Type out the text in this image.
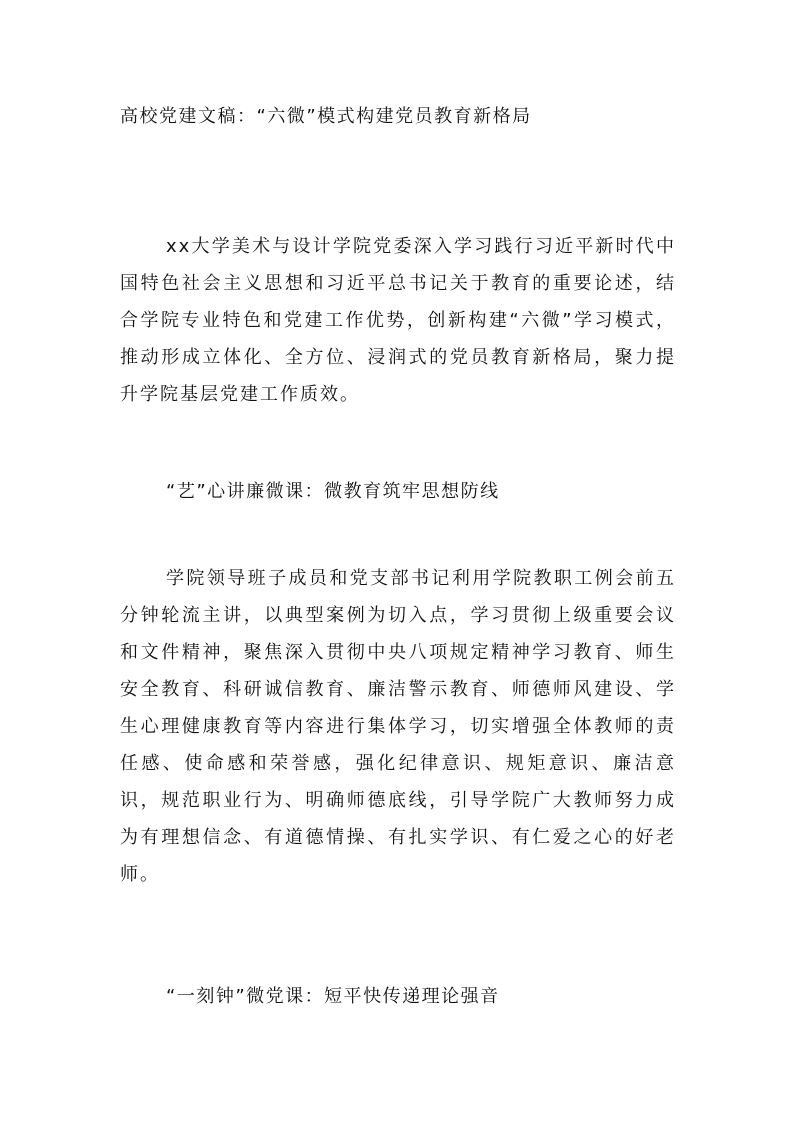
高校党建文稿：“六微”模式构建党员教育新格局

xx大学美术与设计学院党委深入学习践行习近平新时代中国特色社会主义思想和习近平总书记关于教育的重要论述，结合学院专业特色和党建工作优势，创新构建“六微”学习模式，推动形成立体化、全方位、浸润式的党员教育新格局，聚力提升学院基层党建工作质效。

“艺”心讲廉微课：微教育筑牢思想防线

学院领导班子成员和党支部书记利用学院教职工例会前五分钟轮流主讲，以典型案例为切入点，学习贯彻上级重要会议和文件精神，聚焦深入贯彻中央八项规定精神学习教育、师生安全教育、科研诚信教育、廉洁警示教育、师德师风建设、学生心理健康教育等内容进行集体学习，切实增强全体教师的责任感、使命感和荣誉感，强化纪律意识、规矩意识、廉洁意识，规范职业行为、明确师德底线，引导学院广大教师努力成为有理想信念、有道德情操、有扎实学识、有仁爱之心的好老师。

“一刻钟”微党课：短平快传递理论强音
